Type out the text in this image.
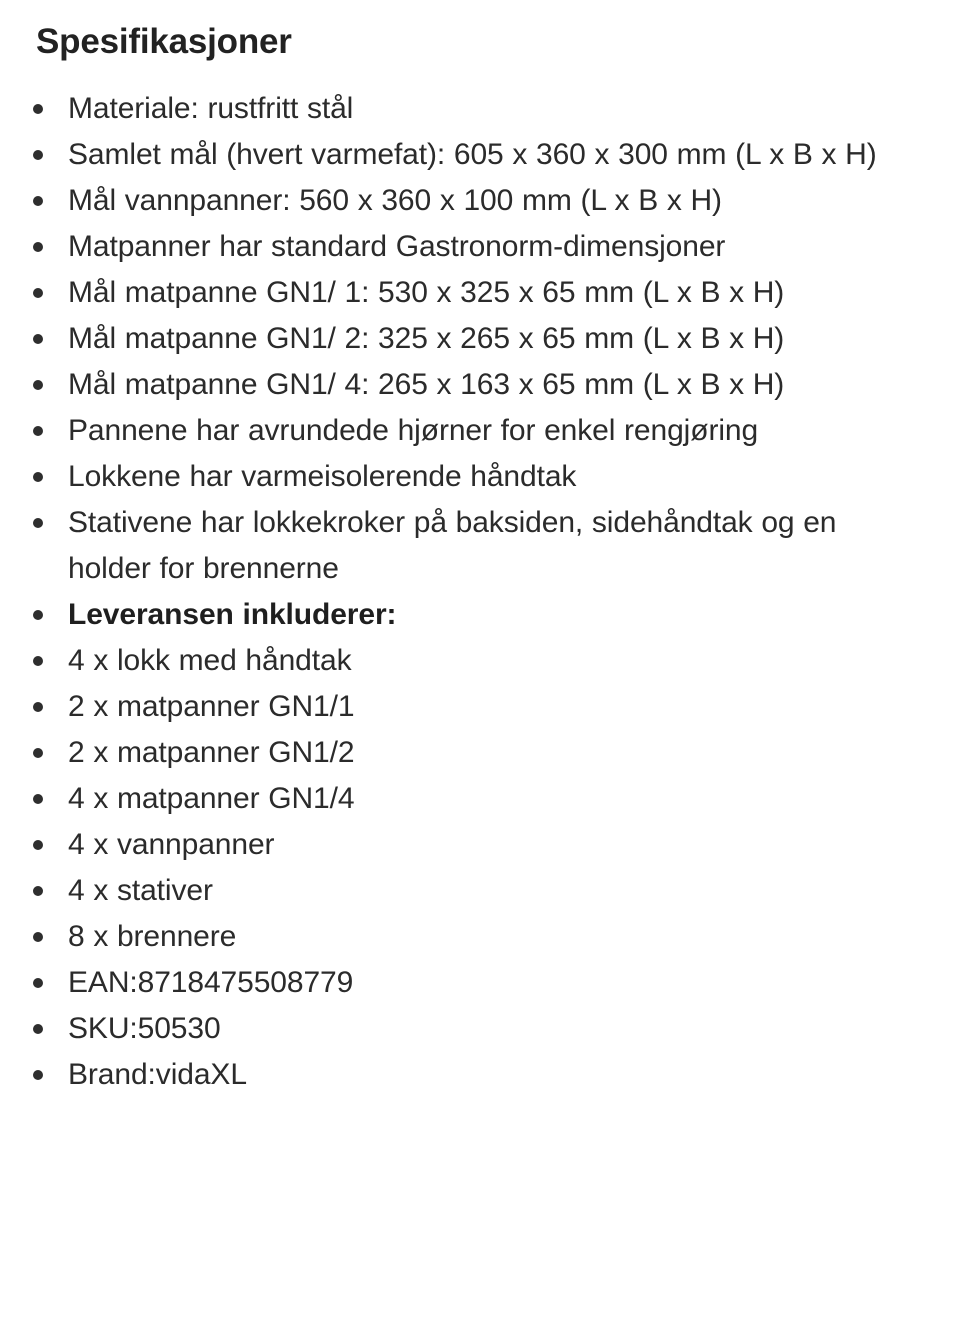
Spesifikasjoner
Materiale: rustfritt stål
Samlet mål (hvert varmefat): 605 x 360 x 300 mm (L x B x H)
Mål vannpanner: 560 x 360 x 100 mm (L x B x H)
Matpanner har standard Gastronorm-dimensjoner
Mål matpanne GN1/ 1: 530 x 325 x 65 mm (L x B x H)
Mål matpanne GN1/ 2: 325 x 265 x 65 mm (L x B x H)
Mål matpanne GN1/ 4: 265 x 163 x 65 mm (L x B x H)
Pannene har avrundede hjørner for enkel rengjøring
Lokkene har varmeisolerende håndtak
Stativene har lokkekroker på baksiden, sidehåndtak og en holder for brennerne
Leveransen inkluderer:
4 x lokk med håndtak
2 x matpanner GN1/1
2 x matpanner GN1/2
4 x matpanner GN1/4
4 x vannpanner
4 x stativer
8 x brennere
EAN:8718475508779
SKU:50530
Brand:vidaXL
